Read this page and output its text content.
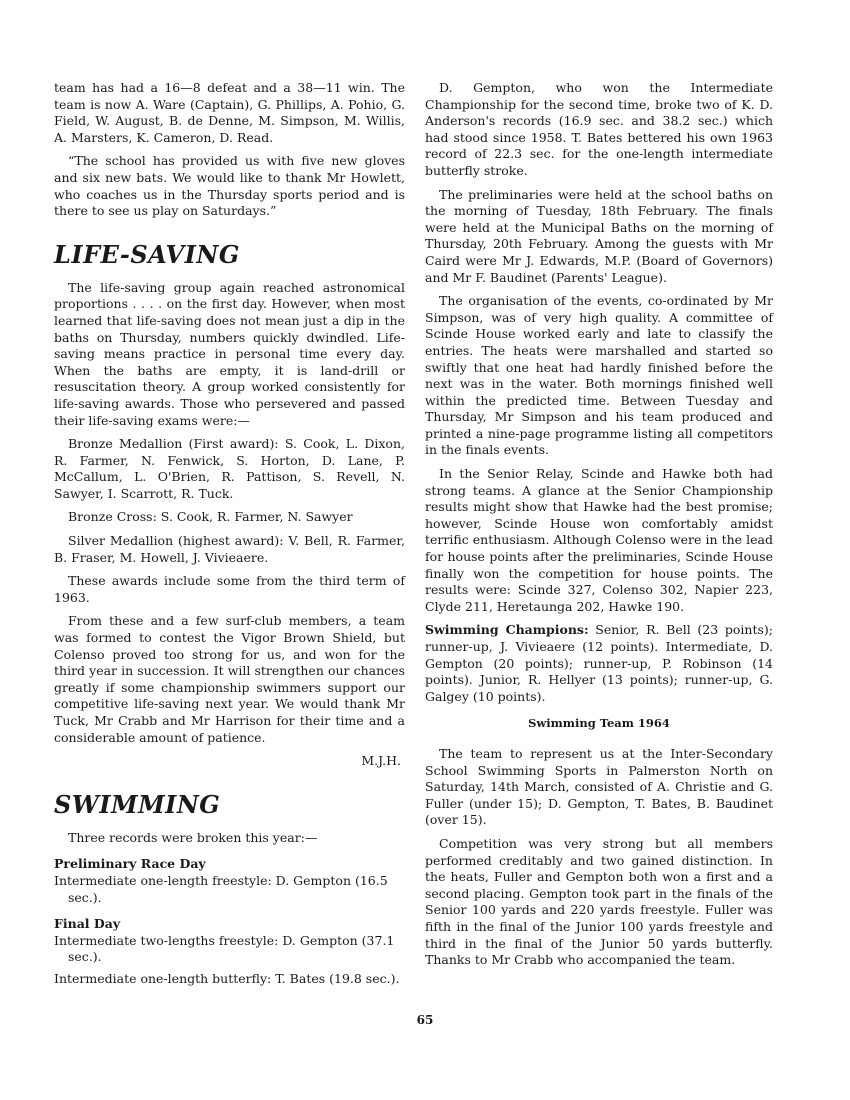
team has had a 16—8 defeat and a 38—11 win. The team is now A. Ware (Captain), G. Phillips, A. Pohio, G. Field, W. August, B. de Denne, M. Simpson, M. Willis, A. Marsters, K. Cameron, D. Read.

“The school has provided us with five new gloves and six new bats. We would like to thank Mr Howlett, who coaches us in the Thursday sports period and is there to see us play on Saturdays.”

LIFE-SAVING

The life-saving group again reached astronomical proportions . . . . on the first day. However, when most learned that life-saving does not mean just a dip in the baths on Thursday, numbers quickly dwindled. Life-saving means practice in personal time every day. When the baths are empty, it is land-drill or resuscitation theory. A group worked consistently for life-saving awards. Those who persevered and passed their life-saving exams were:—

Bronze Medallion (First award): S. Cook, L. Dixon, R. Farmer, N. Fenwick, S. Horton, D. Lane, P. McCallum, L. O'Brien, R. Pattison, S. Revell, N. Sawyer, I. Scarrott, R. Tuck.

Bronze Cross: S. Cook, R. Farmer, N. Sawyer

Silver Medallion (highest award): V. Bell, R. Farmer, B. Fraser, M. Howell, J. Vivieaere.

These awards include some from the third term of 1963.

From these and a few surf-club members, a team was formed to contest the Vigor Brown Shield, but Colenso proved too strong for us, and won for the third year in succession. It will strengthen our chances greatly if some championship swimmers support our competitive life-saving next year. We would thank Mr Tuck, Mr Crabb and Mr Harrison for their time and a considerable amount of patience.

M.J.H.
SWIMMING

Three records were broken this year:—

Preliminary Race Day
Intermediate one-length freestyle: D. Gempton (16.5 sec.).
Final Day
Intermediate two-lengths freestyle: D. Gempton (37.1 sec.).
Intermediate one-length butterfly: T. Bates (19.8 sec.).

D. Gempton, who won the Intermediate Championship for the second time, broke two of K. D. Anderson's records (16.9 sec. and 38.2 sec.) which had stood since 1958. T. Bates bettered his own 1963 record of 22.3 sec. for the one-length intermediate butterfly stroke.

The preliminaries were held at the school baths on the morning of Tuesday, 18th February. The finals were held at the Municipal Baths on the morning of Thursday, 20th February. Among the guests with Mr Caird were Mr J. Edwards, M.P. (Board of Governors) and Mr F. Baudinet (Parents' League).

The organisation of the events, co-ordinated by Mr Simpson, was of very high quality. A committee of Scinde House worked early and late to classify the entries. The heats were marshalled and started so swiftly that one heat had hardly finished before the next was in the water. Both mornings finished well within the predicted time. Between Tuesday and Thursday, Mr Simpson and his team produced and printed a nine-page programme listing all competitors in the finals events.

In the Senior Relay, Scinde and Hawke both had strong teams. A glance at the Senior Championship results might show that Hawke had the best promise; however, Scinde House won comfortably amidst terrific enthusiasm. Although Colenso were in the lead for house points after the preliminaries, Scinde House finally won the competition for house points. The results were: Scinde 327, Colenso 302, Napier 223, Clyde 211, Heretaunga 202, Hawke 190.

Swimming Champions: Senior, R. Bell (23 points); runner-up, J. Vivieaere (12 points). Intermediate, D. Gempton (20 points); runner-up, P. Robinson (14 points). Junior, R. Hellyer (13 points); runner-up, G. Galgey (10 points).

Swimming Team 1964

The team to represent us at the Inter-Secondary School Swimming Sports in Palmerston North on Saturday, 14th March, consisted of A. Christie and G. Fuller (under 15); D. Gempton, T. Bates, B. Baudinet (over 15).

Competition was very strong but all members performed creditably and two gained distinction. In the heats, Fuller and Gempton both won a first and a second placing. Gempton took part in the finals of the Senior 100 yards and 220 yards freestyle. Fuller was fifth in the final of the Junior 100 yards freestyle and third in the final of the Junior 50 yards butterfly. Thanks to Mr Crabb who accompanied the team.

65
